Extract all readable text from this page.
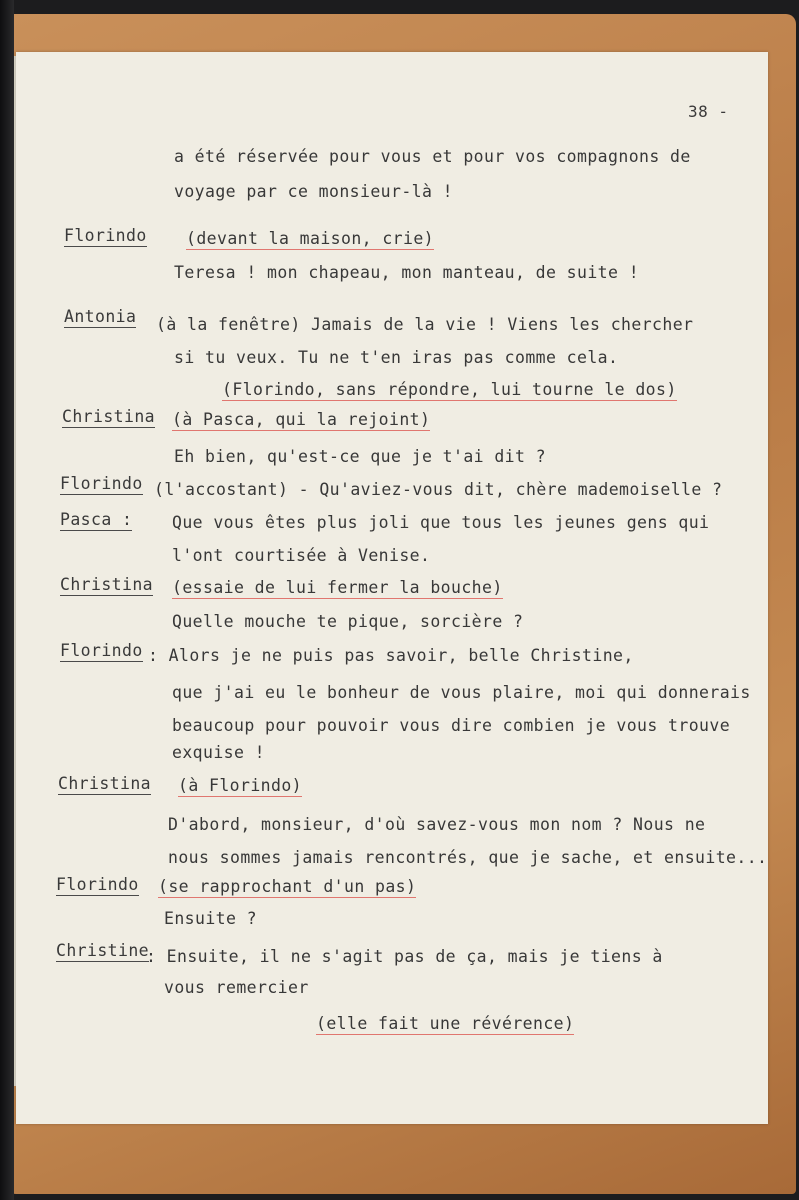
38 -
a été réservée pour vous et pour vos compagnons de
voyage par ce monsieur-là !
Florindo (devant la maison, crie)
Teresa ! mon chapeau, mon manteau, de suite !
Antonia (à la fenêtre) Jamais de la vie ! Viens les chercher
si tu veux. Tu ne t'en iras pas comme cela.
(Florindo, sans répondre, lui tourne le dos)
Christina (à Pasca, qui la rejoint)
Eh bien, qu'est-ce que je t'ai dit ?
Florindo (l'accostant) - Qu'aviez-vous dit, chère mademoiselle ?
Pasca : Que vous êtes plus joli que tous les jeunes gens qui
l'ont courtisée à Venise.
Christina (essaie de lui fermer la bouche)
Quelle mouche te pique, sorcière ?
Florindo : Alors je ne puis pas savoir, belle Christine,
que j'ai eu le bonheur de vous plaire, moi qui donnerais
beaucoup pour pouvoir vous dire combien je vous trouve
exquise !
Christina (à Florindo)
D'abord, monsieur, d'où savez-vous mon nom ? Nous ne
nous sommes jamais rencontrés, que je sache, et ensuite...
Florindo (se rapprochant d'un pas)
Ensuite ?
Christine
: Ensuite, il ne s'agit pas de ça, mais je tiens à
vous remercier
(elle fait une révérence)
